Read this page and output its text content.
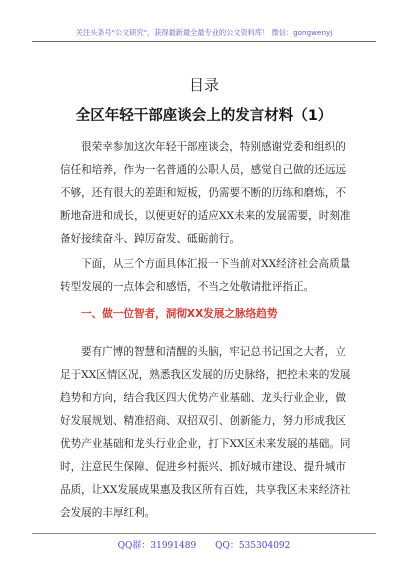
关注头条号"公文研究"，获得最新最全最专业的公文资料库！ 微信：gongwenyj
目录
全区年轻干部座谈会上的发言材料（1）

很荣幸参加这次年轻干部座谈会，特别感谢党委和组织的
信任和培养，作为一名普通的公职人员，感觉自己做的还远远
不够，还有很大的差距和短板，仍需要不断的历练和磨炼，不
断地奋进和成长，以便更好的适应XX未来的发展需要，时刻准
备好接续奋斗、踔厉奋发、砥砺前行。

下面，从三个方面具体汇报一下当前对XX经济社会高质量
转型发展的一点体会和感悟，不当之处敬请批评指正。

一、做一位智者，洞彻XX发展之脉络趋势

要有广博的智慧和清醒的头脑，牢记总书记国之大者，立
足于XX区情区况，熟悉我区发展的历史脉络，把控未来的发展
趋势和方向，结合我区四大优势产业基础、龙头行业企业，做
好发展规划、精准招商、双招双引、创新能力，努力形成我区
优势产业基础和龙头行业企业，打下XX区未来发展的基础。同
时，注意民生保障、促进乡村振兴、抓好城市建设、提升城市
品质，让XX发展成果惠及我区所有百姓，共享我区未来经济社
会发展的丰厚红利。

QQ群：31991489 QQ：535304092
